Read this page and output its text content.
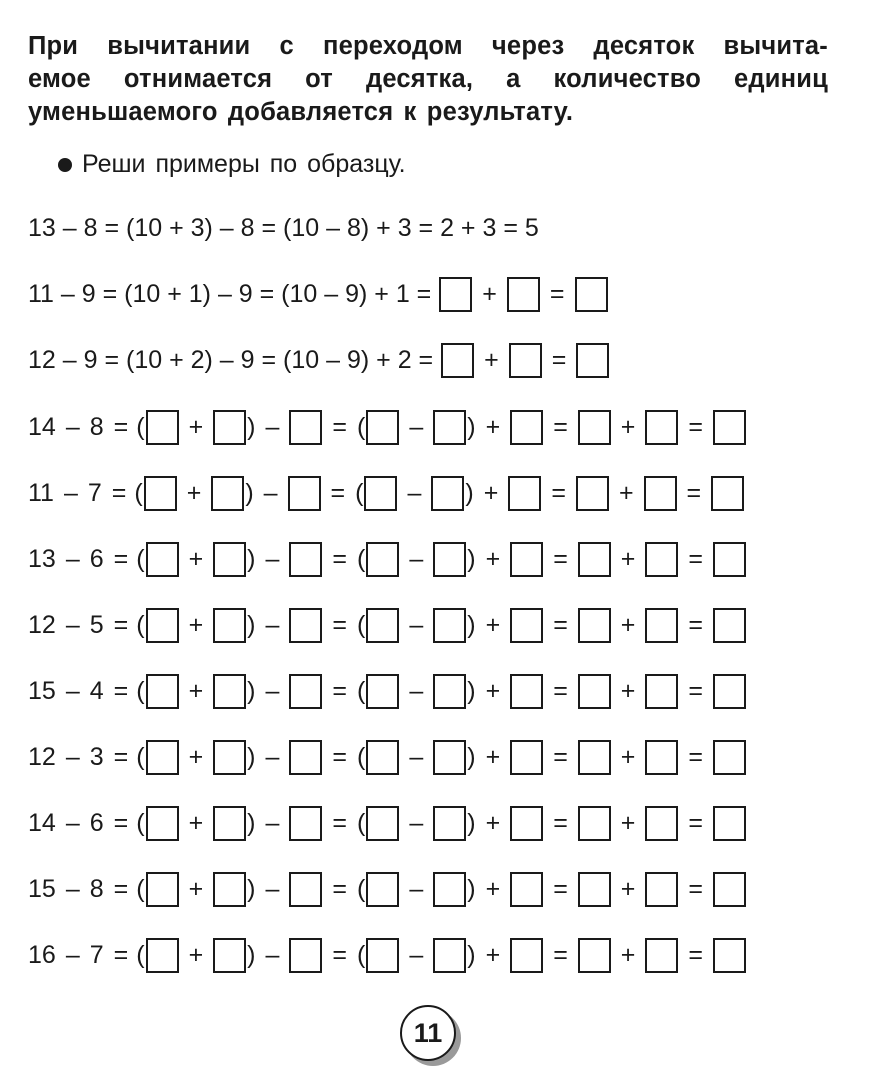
При вычитании с переходом через десяток вычита-
емое отнимается от десятка, а количество единиц
уменьшаемого добавляется к результату.
Реши примеры по образцу.
13 – 8 = (10 + 3) – 8 = (10 – 8) + 3 = 2 + 3 = 5
11 – 9 = (10 + 1) – 9 = (10 – 9) + 1 = + =
12 – 9 = (10 + 2) – 9 = (10 – 9) + 2 = + =
14 – 8 = ( + ) – = ( – ) + = + =
11 – 7 = ( + ) – = ( – ) + = + =
13 – 6 = ( + ) – = ( – ) + = + =
12 – 5 = ( + ) – = ( – ) + = + =
15 – 4 = ( + ) – = ( – ) + = + =
12 – 3 = ( + ) – = ( – ) + = + =
14 – 6 = ( + ) – = ( – ) + = + =
15 – 8 = ( + ) – = ( – ) + = + =
16 – 7 = ( + ) – = ( – ) + = + =
11
